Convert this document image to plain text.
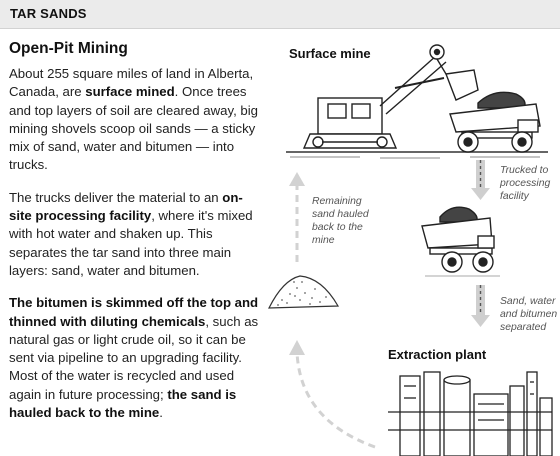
TAR SANDS
Open-Pit Mining

About 255 square miles of land in Alberta, Canada, are surface mined. Once trees and top layers of soil are cleared away, big mining shovels scoop oil sands — a sticky mix of sand, water and bitumen — into trucks.

The trucks deliver the material to an on-site processing facility, where it's mixed with hot water and shaken up. This separates the tar sand into three main layers: sand, water and bitumen.

The bitumen is skimmed off the top and thinned with diluting chemicals, such as natural gas or light crude oil, so it can be sent via pipeline to an upgrading facility. Most of the water is recycled and used again in future processing; the sand is hauled back to the mine.

Surface mine
Extraction plant
Trucked to processing facility
Remaining sand hauled back to the mine
Sand, water and bitumen separated
